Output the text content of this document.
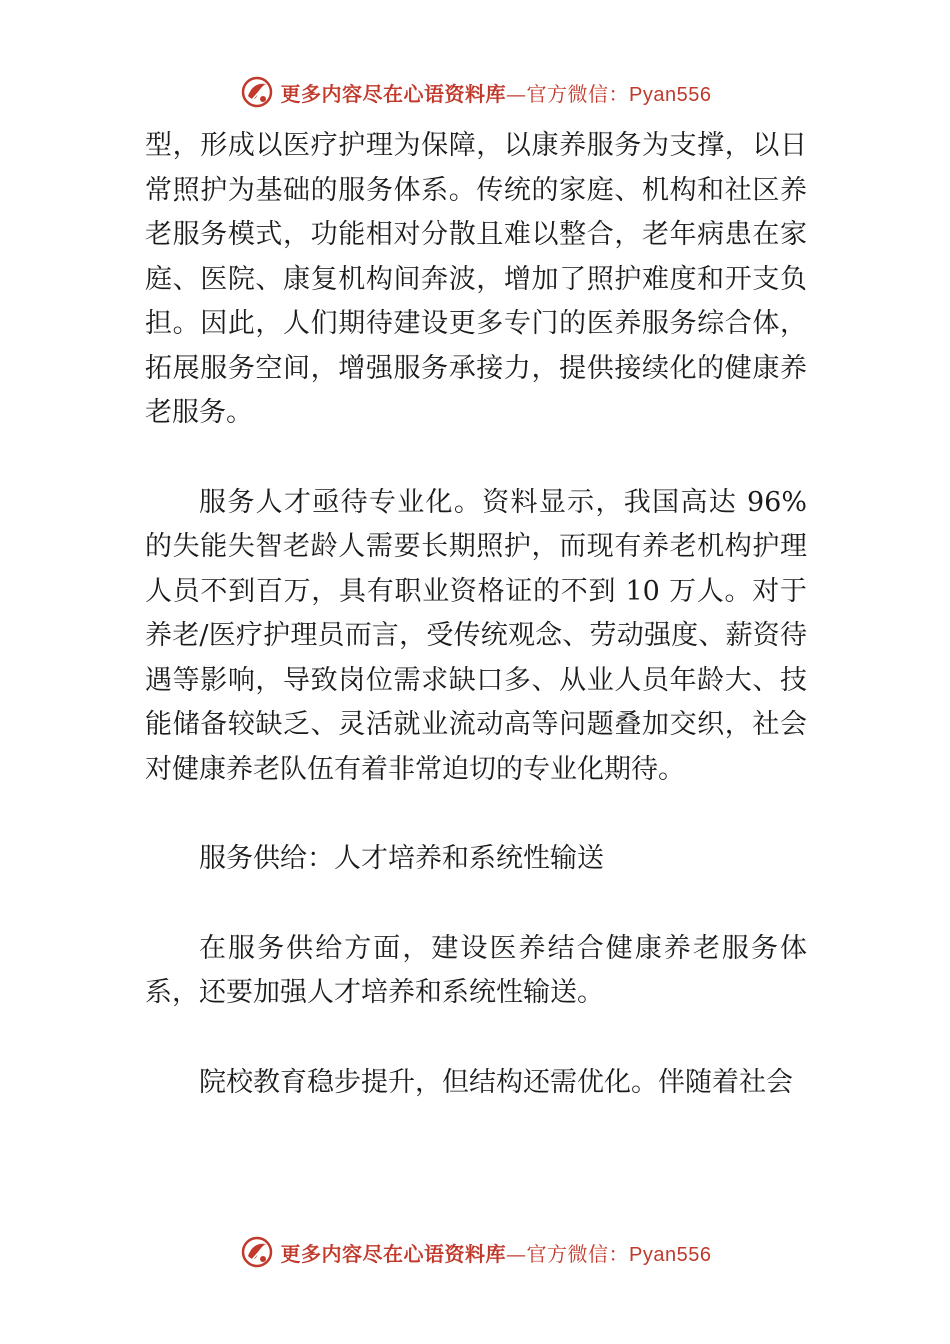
更多内容尽在心语资料库—官方微信：Pyan556

型，形成以医疗护理为保障，以康养服务为支撑，以日常照护为基础的服务体系。传统的家庭、机构和社区养老服务模式，功能相对分散且难以整合，老年病患在家庭、医院、康复机构间奔波，增加了照护难度和开支负担。因此，人们期待建设更多专门的医养服务综合体，拓展服务空间，增强服务承接力，提供接续化的健康养老服务。

服务人才亟待专业化。资料显示，我国高达 96%的失能失智老龄人需要长期照护，而现有养老机构护理人员不到百万，具有职业资格证的不到 10 万人。对于养老/医疗护理员而言，受传统观念、劳动强度、薪资待遇等影响，导致岗位需求缺口多、从业人员年龄大、技能储备较缺乏、灵活就业流动高等问题叠加交织，社会对健康养老队伍有着非常迫切的专业化期待。

服务供给：人才培养和系统性输送

在服务供给方面，建设医养结合健康养老服务体系，还要加强人才培养和系统性输送。

院校教育稳步提升，但结构还需优化。伴随着社会

更多内容尽在心语资料库—官方微信：Pyan556
